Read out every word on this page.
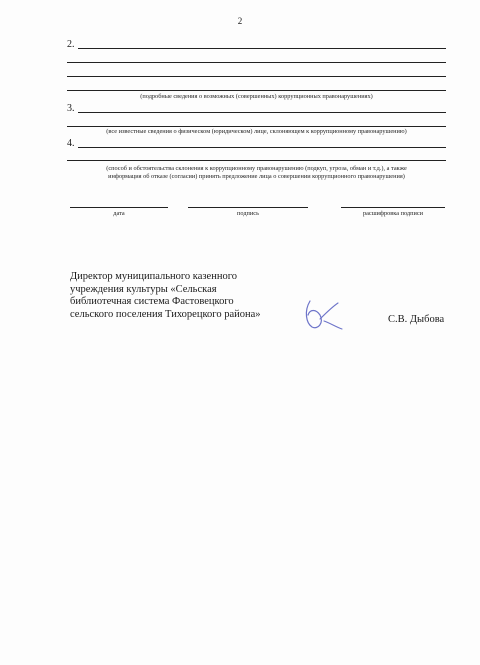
2
2.
(подробные сведения о возможных (совершенных) коррупционных правонарушениях)
3.
(все известные сведения о физическом (юридическом) лице, склоняющем к коррупционному правонарушению)
4.
(способ и обстоятельства склонения к коррупционному правонарушению (подкуп, угроза, обман и т.д.), а также
информация об отказе (согласии) принять предложение лица о совершении коррупционного правонарушения)
дата	подпись	расшифровка подписи
Директор муниципального казенного
учреждения культуры «Сельская
библиотечная система Фастовецкого
сельского поселения Тихорецкого района»	С.В. Дыбова
